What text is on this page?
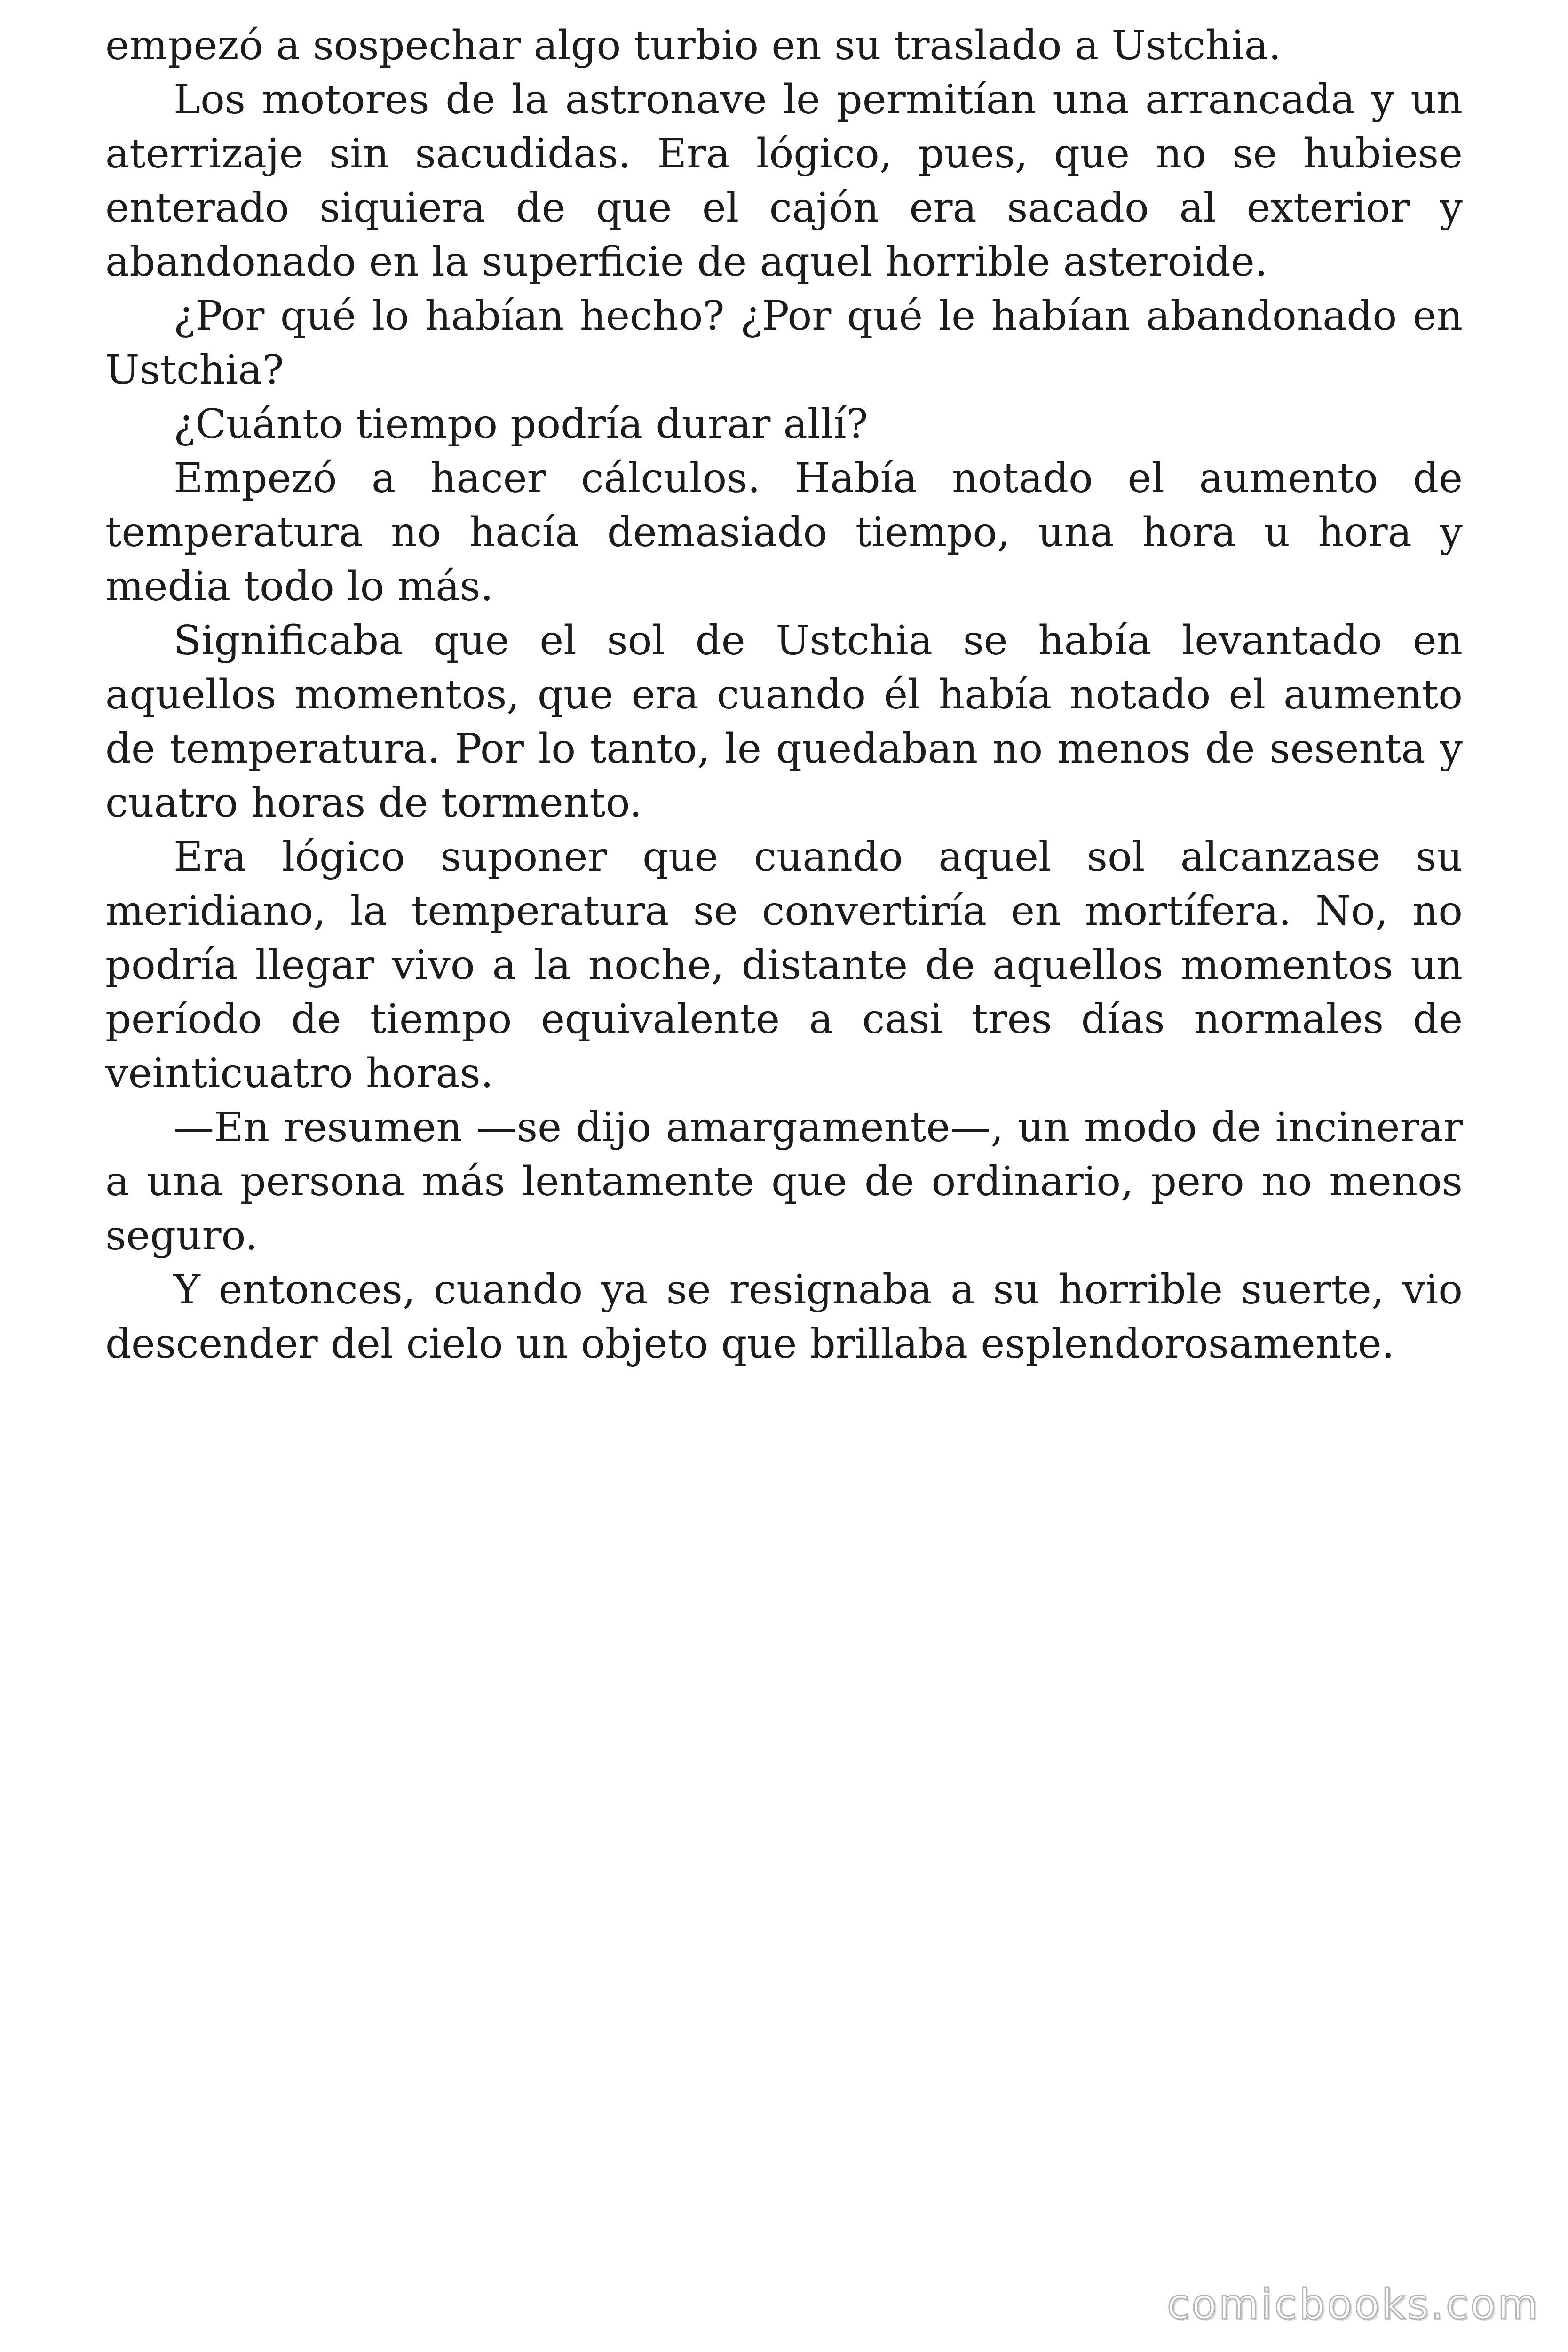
empezó a sospechar algo turbio en su traslado a Ustchia.

Los motores de la astronave le permitían una arrancada y un aterrizaje sin sacudidas. Era lógico, pues, que no se hubiese enterado siquiera de que el cajón era sacado al exterior y abandonado en la superficie de aquel horrible asteroide.

¿Por qué lo habían hecho? ¿Por qué le habían abandonado en Ustchia?

¿Cuánto tiempo podría durar allí?

Empezó a hacer cálculos. Había notado el aumento de temperatura no hacía demasiado tiempo, una hora u hora y media todo lo más.

Significaba que el sol de Ustchia se había levantado en aquellos momentos, que era cuando él había notado el aumento de temperatura. Por lo tanto, le quedaban no menos de sesenta y cuatro horas de tormento.

Era lógico suponer que cuando aquel sol alcanzase su meridiano, la temperatura se convertiría en mortífera. No, no podría llegar vivo a la noche, distante de aquellos momentos un período de tiempo equivalente a casi tres días normales de veinticuatro horas.

—En resumen —se dijo amargamente—, un modo de incinerar a una persona más lentamente que de ordinario, pero no menos seguro.

Y entonces, cuando ya se resignaba a su horrible suerte, vio descender del cielo un objeto que brillaba esplendorosamente.

comicbooks.com
